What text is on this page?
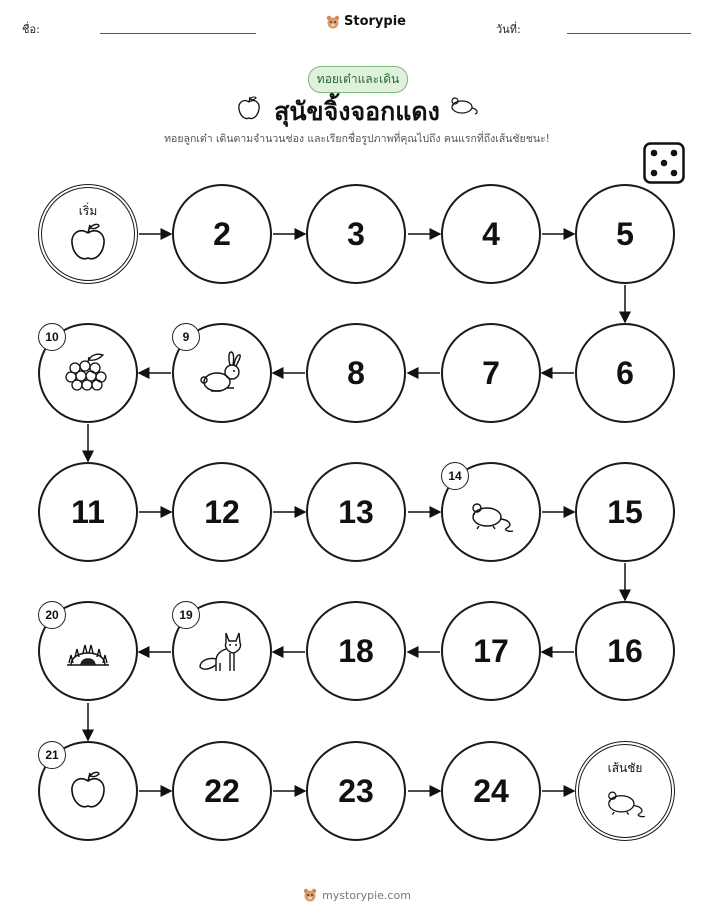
ชื่อ:
Storypie
วันที่:
ทอยเต๋าและเดิน
สุนัขจิ้งจอกแดง
ทอยลูกเต๋า เดินตามจำนวนช่อง และเรียกชื่อรูปภาพที่คุณไปถึง คนแรกที่ถึงเส้นชัยชนะ!
เริ่ม
2	3	4	5
10	9
8	7	6
11	12	13
14
15
20	19
18	17	16
21
22	23	24
เส้นชัย
mystorypie.com
